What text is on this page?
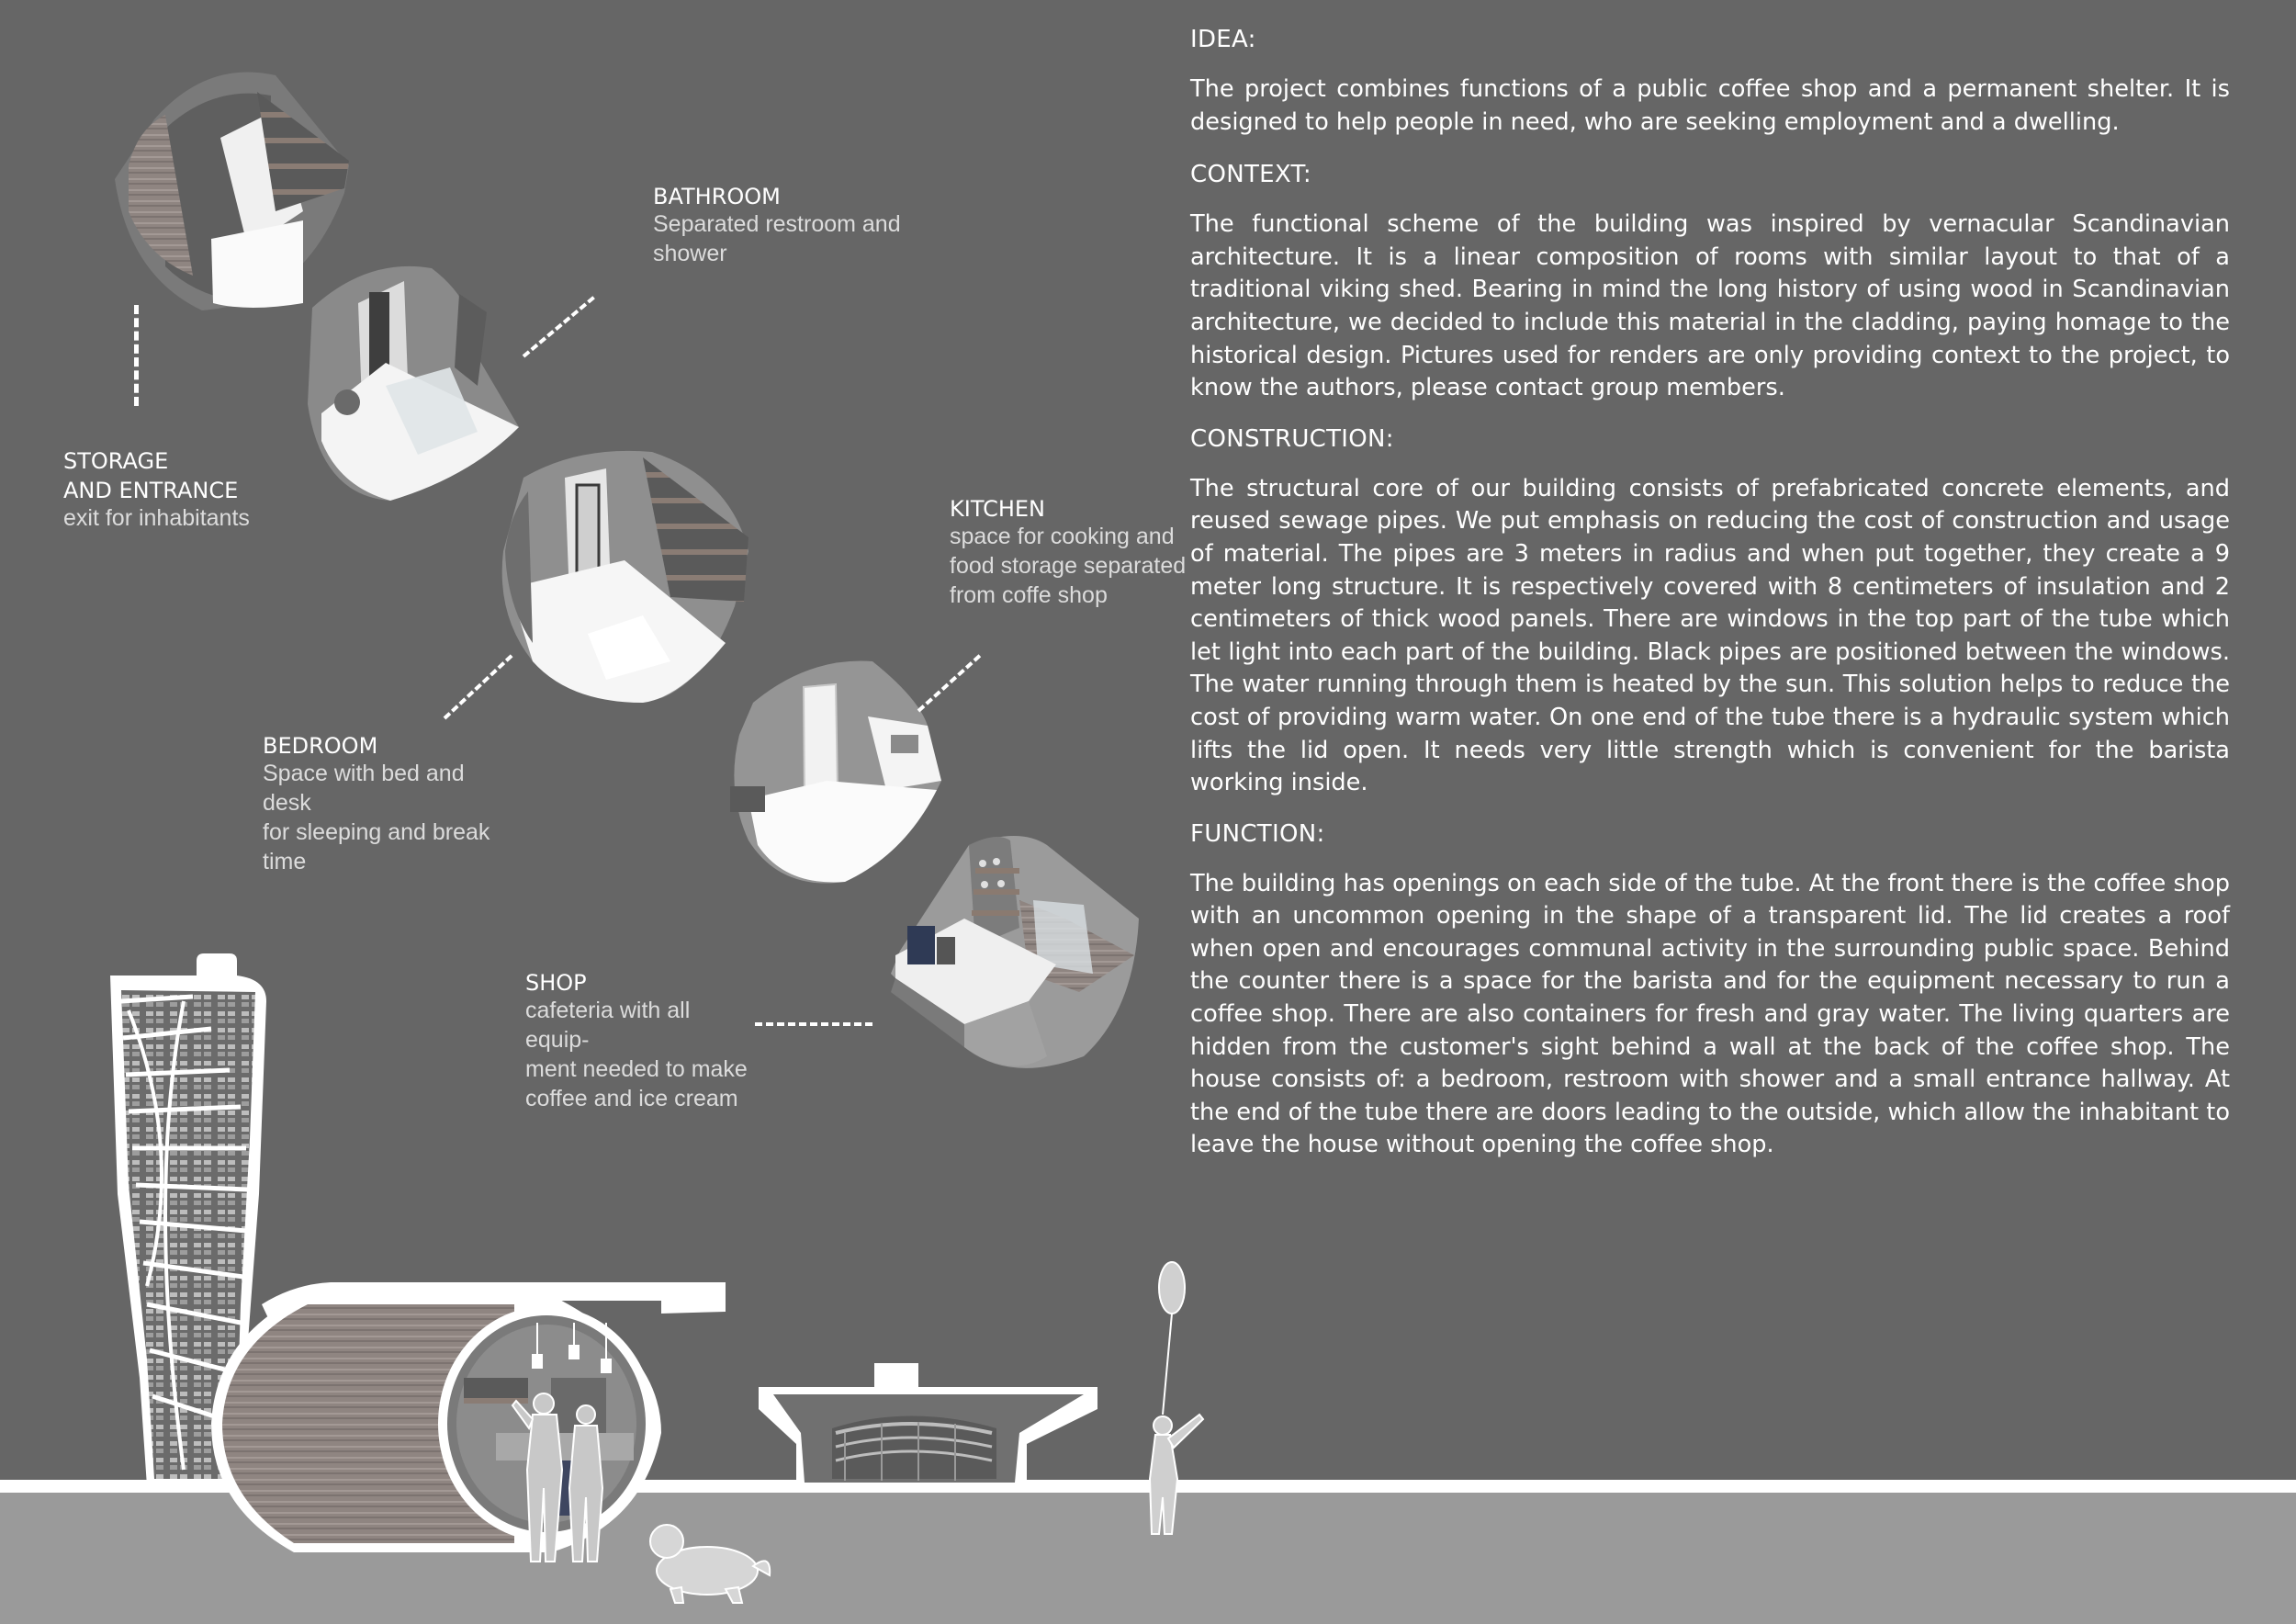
BATHROOM
Separated restroom and
shower
STORAGE
AND ENTRANCE
exit for inhabitants	KITCHEN
space for cooking and
food storage separated
from coffe shop
BEDROOM
Space with bed and desk
for sleeping and break
time
SHOP
cafeteria with all equip-
ment needed to make
coffee and ice cream
IDEA:

The project combines functions of a public coffee shop and a permanent shelter. It is designed to help people in need, who are seeking employment and a dwelling.

CONTEXT:

The functional scheme of the building was inspired by vernacular Scandinavian architecture. It is a linear composition of rooms with similar layout to that of a traditional viking shed. Bearing in mind the long history of using wood in Scandinavian architecture, we decided to include this material in the cladding, paying homage to the historical design. Pictures used for renders are only providing context to the project, to know the authors, please contact group members.

CONSTRUCTION:

The structural core of our building consists of prefabricated concrete elements, and reused sewage pipes. We put emphasis on reducing the cost of construction and usage of material. The pipes are 3 meters in radius and when put together, they create a 9 meter long structure. It is respectively covered with 8 centimeters of insulation and 2 centimeters of thick wood panels. There are windows in the top part of the tube which let light into each part of the building. Black pipes are positioned between the windows. The water running through them is heated by the sun. This solution helps to reduce the cost of providing warm water. On one end of the tube there is a hydraulic system which lifts the lid open. It needs very little strength which is convenient for the barista working inside.

FUNCTION:

The building has openings on each side of the tube. At the front there is the coffee shop with an uncommon opening in the shape of a transparent lid. The lid creates a roof when open and encourages communal activity in the surrounding public space. Behind the counter there is a space for the barista and for the equipment necessary to run a coffee shop. There are also containers for fresh and gray water. The living quarters are hidden from the customer's sight behind a wall at the back of the coffee shop. The house consists of: a bedroom, restroom with shower and a small entrance hallway. At the end of the tube there are doors leading to the outside, which allow the inhabitant to leave the house without opening the coffee shop.
